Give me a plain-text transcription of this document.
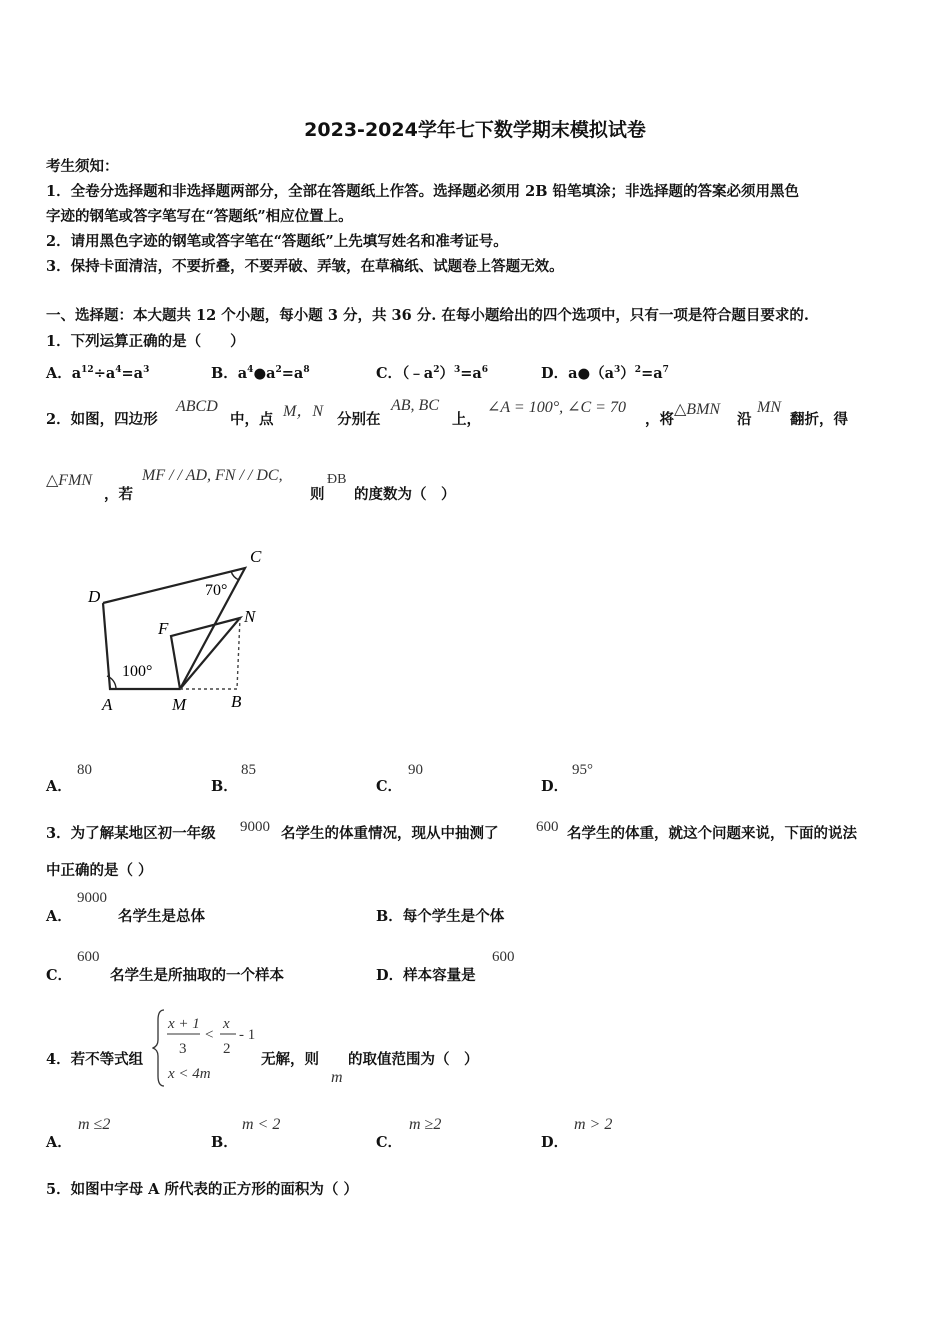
2023-2024学年七下数学期末模拟试卷
考生须知：
1．全卷分选择题和非选择题两部分，全部在答题纸上作答。选择题必须用 2B 铅笔填涂；非选择题的答案必须用黑色
字迹的钢笔或答字笔写在“答题纸”相应位置上。
2．请用黑色字迹的钢笔或答字笔在“答题纸”上先填写姓名和准考证号。
3．保持卡面清洁，不要折叠，不要弄破、弄皱，在草稿纸、试题卷上答题无效。
一、选择题：本大题共 12 个小题，每小题 3 分，共 36 分. 在每小题给出的四个选项中，只有一项是符合题目要求的.
1．下列运算正确的是（　　）
A．$a^{12}\div a^4=a^3$	B．$a^4●a^2=a^8$	C．$(﹣a^2)^3=a^6$	D．$a●(a^3)^2=a^7$
2．如图，四边形
ABCD
中，点 M，N 分别在
AB, BC
上，
∠A = 100°, ∠C = 70
，将
△BMN
沿
MN
翻折，得
△FMN
，若
MF / / AD, FN / / DC,
则
ÐB
的度数为（　）
D
C
F
N
A	M	B
70°
100°
A．
80
B．
85
C．
90
D．
95°
3．为了解某地区初一年级 9000 名学生的体重情况，现从中抽测了	600 名学生的体重，就这个问题来说，下面的说法
中正确的是（ ）
A．
9000
名学生是总体	B．每个学生是个体
C．
600
名学生是所抽取的一个样本	D．样本容量是
600
4．若不等式组
x + 1
3
<
x
2
- 1
x < 4m
无解，则
m
的取值范围为（　）
A．
m ≤2
B．
m < 2
C．
m ≥2
D．
m > 2
5．如图中字母 A 所代表的正方形的面积为（ ）
